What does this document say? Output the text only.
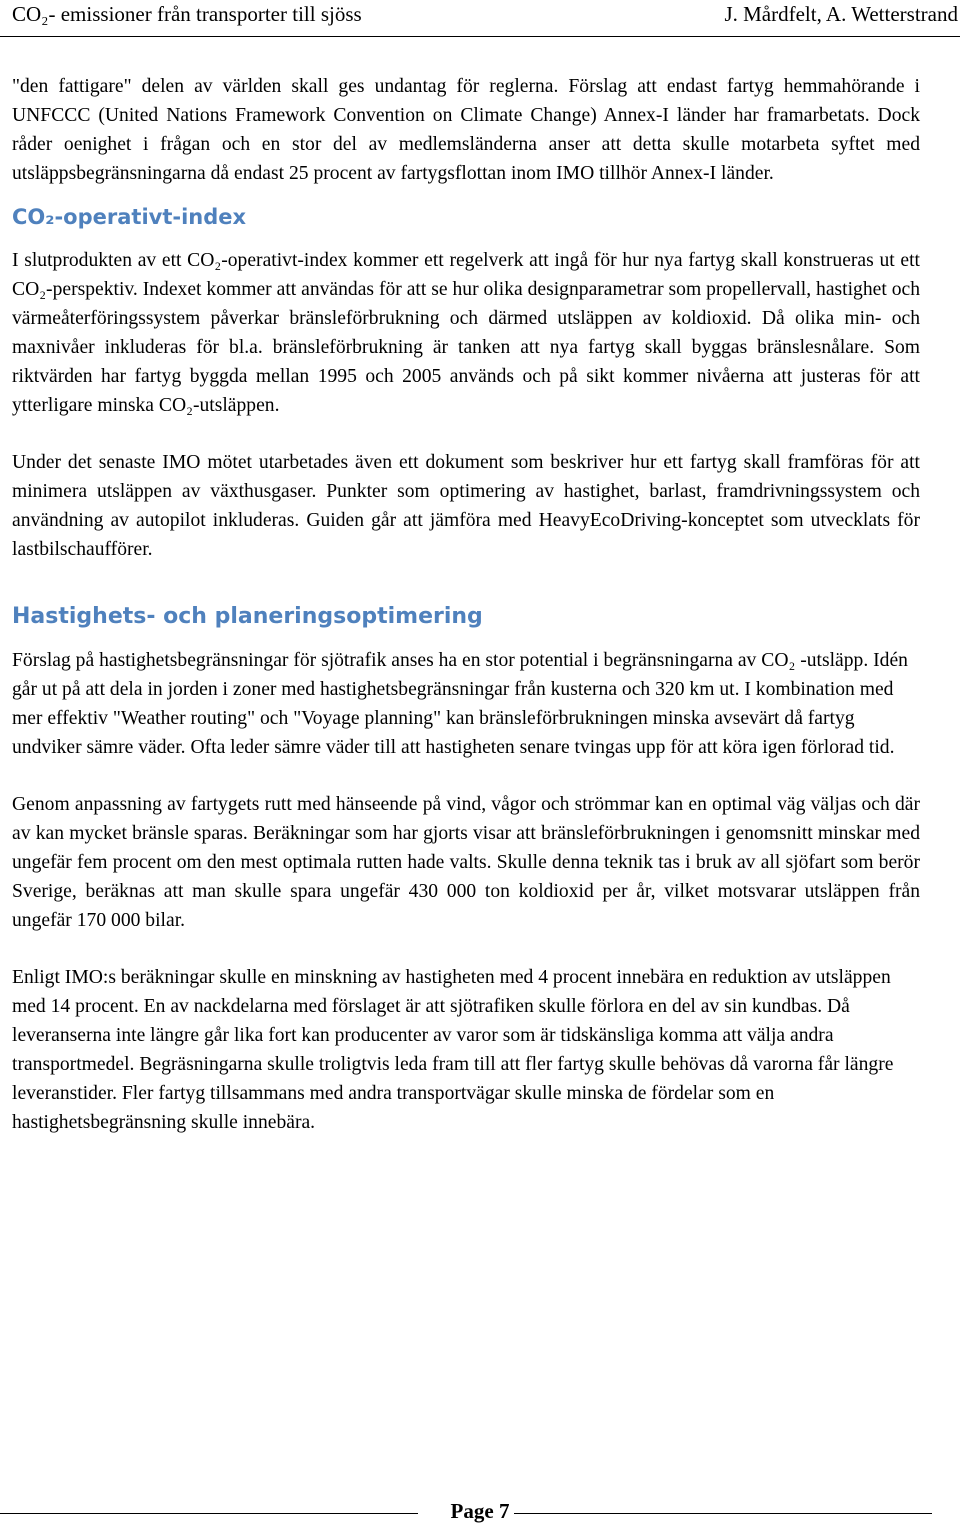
CO₂- emissioner från transporter till sjöss	J. Mårdfelt, A. Wetterstrand

"den fattigare" delen av världen skall ges undantag för reglerna. Förslag att endast fartyg hemmahörande i UNFCCC (United Nations Framework Convention on Climate Change) Annex-I länder har framarbetats. Dock råder oenighet i frågan och en stor del av medlemsländerna anser att detta skulle motarbeta syftet med utsläppsbegränsningarna då endast 25 procent av fartygsflottan inom IMO tillhör Annex-I länder.

CO₂-operativt-index

I slutprodukten av ett CO₂-operativt-index kommer ett regelverk att ingå för hur nya fartyg skall konstrueras ut ett CO₂-perspektiv. Indexet kommer att användas för att se hur olika designparametrar som propellervall, hastighet och värmeåterföringssystem påverkar bränsleförbrukning och därmed utsläppen av koldioxid. Då olika min- och maxnivåer inkluderas för bl.a. bränsleförbrukning är tanken att nya fartyg skall byggas bränslesnålare. Som riktvärden har fartyg byggda mellan 1995 och 2005 används och på sikt kommer nivåerna att justeras för att ytterligare minska CO₂-utsläppen.

Under det senaste IMO mötet utarbetades även ett dokument som beskriver hur ett fartyg skall framföras för att minimera utsläppen av växthusgaser. Punkter som optimering av hastighet, barlast, framdrivningssystem och användning av autopilot inkluderas. Guiden går att jämföra med HeavyEcoDriving-konceptet som utvecklats för lastbilschaufförer.

Hastighets- och planeringsoptimering

Förslag på hastighetsbegränsningar för sjötrafik anses ha en stor potential i begränsningarna av CO₂ -utsläpp. Idén går ut på att dela in jorden i zoner med hastighetsbegränsningar från kusterna och 320 km ut. I kombination med mer effektiv "Weather routing" och "Voyage planning" kan bränsleförbrukningen minska avsevärt då fartyg undviker sämre väder. Ofta leder sämre väder till att hastigheten senare tvingas upp för att köra igen förlorad tid.

Genom anpassning av fartygets rutt med hänseende på vind, vågor och strömmar kan en optimal väg väljas och där av kan mycket bränsle sparas. Beräkningar som har gjorts visar att bränsleförbrukningen i genomsnitt minskar med ungefär fem procent om den mest optimala rutten hade valts. Skulle denna teknik tas i bruk av all sjöfart som berör Sverige, beräknas att man skulle spara ungefär 430 000 ton koldioxid per år, vilket motsvarar utsläppen från ungefär 170 000 bilar.

Enligt IMO:s beräkningar skulle en minskning av hastigheten med 4 procent innebära en reduktion av utsläppen med 14 procent. En av nackdelarna med förslaget är att sjötrafiken skulle förlora en del av sin kundbas. Då leveranserna inte längre går lika fort kan producenter av varor som är tidskänsliga komma att välja andra transportmedel. Begräsningarna skulle troligtvis leda fram till att fler fartyg skulle behövas då varorna får längre leveranstider. Fler fartyg tillsammans med andra transportvägar skulle minska de fördelar som en hastighetsbegränsning skulle innebära.

Page 7
